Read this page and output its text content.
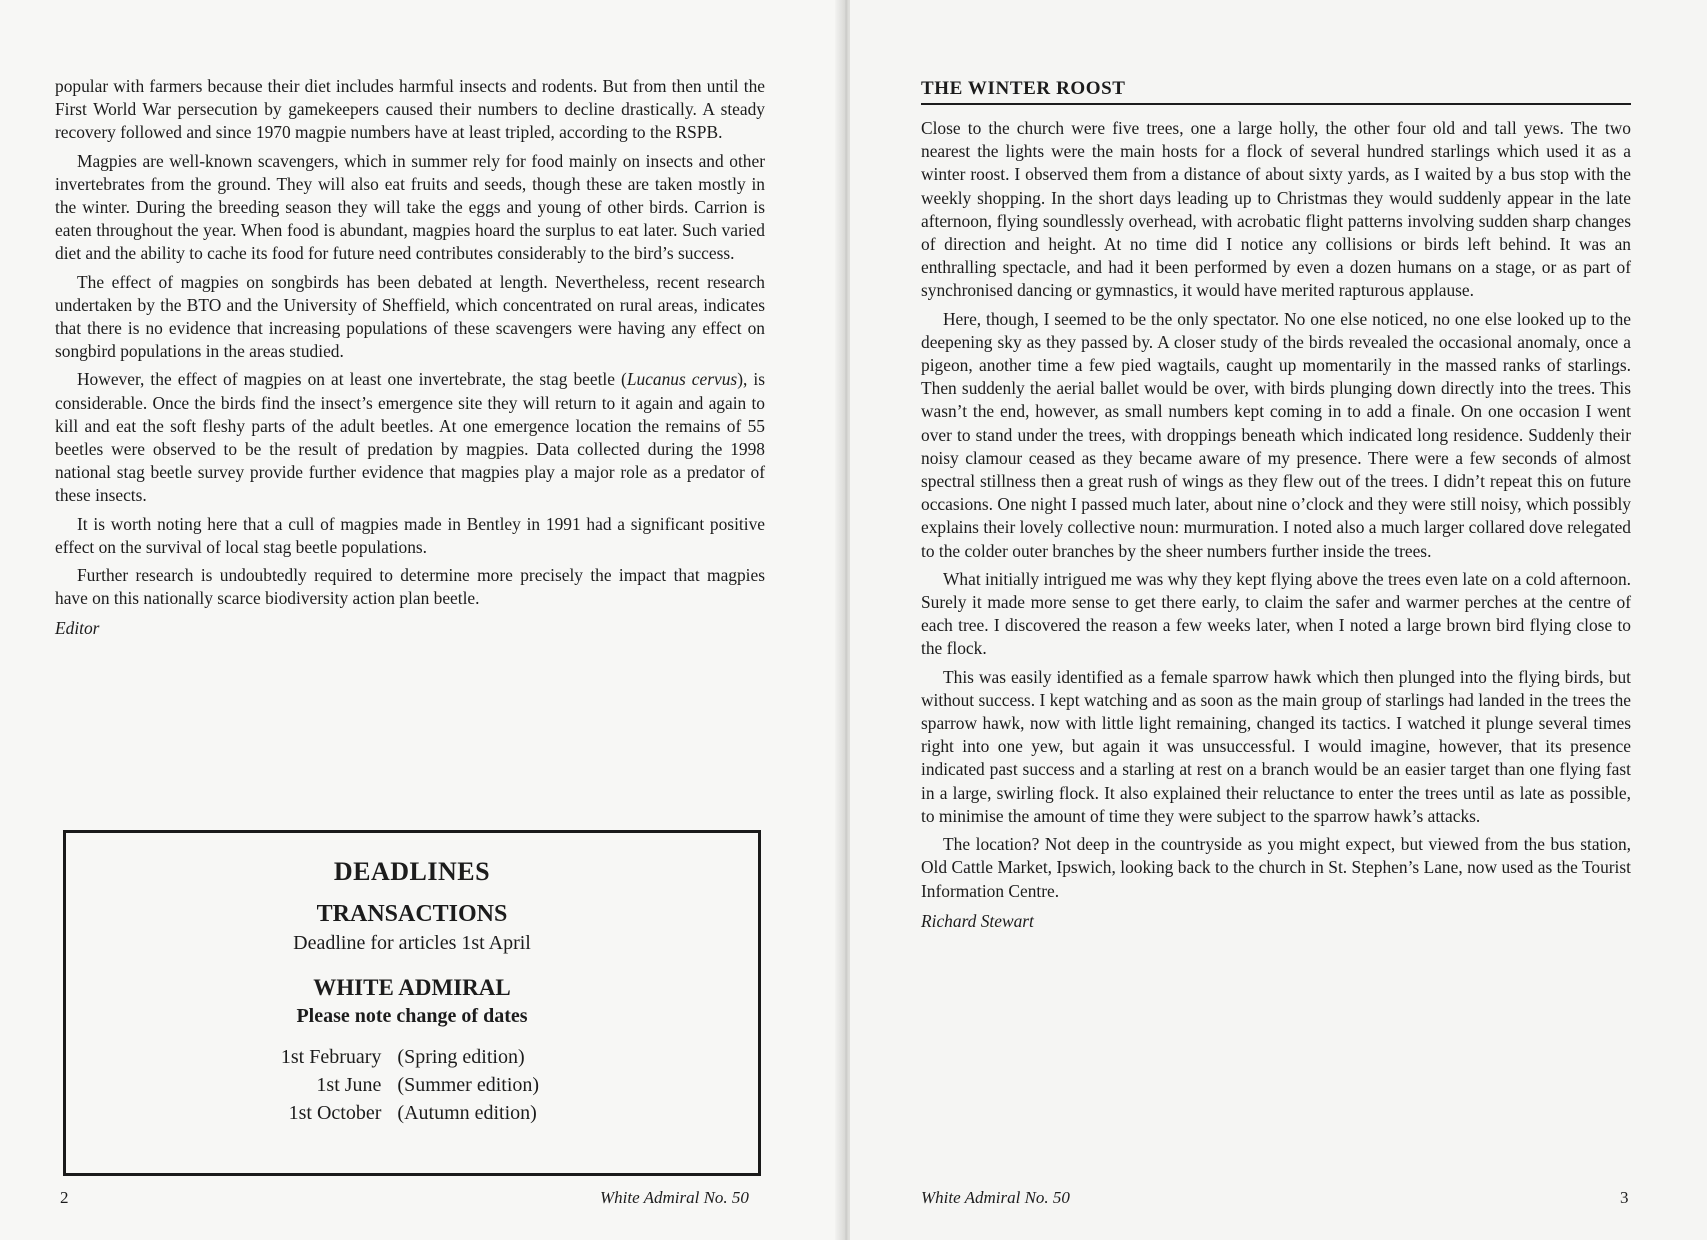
popular with farmers because their diet includes harmful insects and rodents. But from then until the First World War persecution by gamekeepers caused their numbers to decline drastically. A steady recovery followed and since 1970 magpie numbers have at least tripled, according to the RSPB.

Magpies are well-known scavengers, which in summer rely for food mainly on insects and other invertebrates from the ground. They will also eat fruits and seeds, though these are taken mostly in the winter. During the breeding season they will take the eggs and young of other birds. Carrion is eaten throughout the year. When food is abundant, magpies hoard the surplus to eat later. Such varied diet and the ability to cache its food for future need contributes considerably to the bird’s success.

The effect of magpies on songbirds has been debated at length. Nevertheless, recent research undertaken by the BTO and the University of Sheffield, which concentrated on rural areas, indicates that there is no evidence that increasing populations of these scavengers were having any effect on songbird populations in the areas studied.

However, the effect of magpies on at least one invertebrate, the stag beetle (Lucanus cervus), is considerable. Once the birds find the insect’s emergence site they will return to it again and again to kill and eat the soft fleshy parts of the adult beetles. At one emergence location the remains of 55 beetles were observed to be the result of predation by magpies. Data collected during the 1998 national stag beetle survey provide further evidence that magpies play a major role as a predator of these insects.

It is worth noting here that a cull of magpies made in Bentley in 1991 had a significant positive effect on the survival of local stag beetle populations.

Further research is undoubtedly required to determine more precisely the impact that magpies have on this nationally scarce biodiversity action plan beetle.

Editor

DEADLINES
TRANSACTIONS
Deadline for articles 1st April
WHITE ADMIRAL
Please note change of dates
1st February	(Spring edition)
1st June	(Summer edition)
1st October	(Autumn edition)
2	White Admiral No. 50
THE WINTER ROOST

Close to the church were five trees, one a large holly, the other four old and tall yews. The two nearest the lights were the main hosts for a flock of several hundred starlings which used it as a winter roost. I observed them from a distance of about sixty yards, as I waited by a bus stop with the weekly shopping. In the short days leading up to Christmas they would suddenly appear in the late afternoon, flying soundlessly overhead, with acrobatic flight patterns involving sudden sharp changes of direction and height. At no time did I notice any collisions or birds left behind. It was an enthralling spectacle, and had it been performed by even a dozen humans on a stage, or as part of synchronised dancing or gymnastics, it would have merited rapturous applause.

Here, though, I seemed to be the only spectator. No one else noticed, no one else looked up to the deepening sky as they passed by. A closer study of the birds revealed the occasional anomaly, once a pigeon, another time a few pied wagtails, caught up momentarily in the massed ranks of starlings. Then suddenly the aerial ballet would be over, with birds plunging down directly into the trees. This wasn’t the end, however, as small numbers kept coming in to add a finale. On one occasion I went over to stand under the trees, with droppings beneath which indicated long residence. Suddenly their noisy clamour ceased as they became aware of my presence. There were a few seconds of almost spectral stillness then a great rush of wings as they flew out of the trees. I didn’t repeat this on future occasions. One night I passed much later, about nine o’clock and they were still noisy, which possibly explains their lovely collective noun: murmuration. I noted also a much larger collared dove relegated to the colder outer branches by the sheer numbers further inside the trees.

What initially intrigued me was why they kept flying above the trees even late on a cold afternoon. Surely it made more sense to get there early, to claim the safer and warmer perches at the centre of each tree. I discovered the reason a few weeks later, when I noted a large brown bird flying close to the flock.

This was easily identified as a female sparrow hawk which then plunged into the flying birds, but without success. I kept watching and as soon as the main group of starlings had landed in the trees the sparrow hawk, now with little light remaining, changed its tactics. I watched it plunge several times right into one yew, but again it was unsuccessful. I would imagine, however, that its presence indicated past success and a starling at rest on a branch would be an easier target than one flying fast in a large, swirling flock. It also explained their reluctance to enter the trees until as late as possible, to minimise the amount of time they were subject to the sparrow hawk’s attacks.

The location? Not deep in the countryside as you might expect, but viewed from the bus station, Old Cattle Market, Ipswich, looking back to the church in St. Stephen’s Lane, now used as the Tourist Information Centre.

Richard Stewart

White Admiral No. 50	3
